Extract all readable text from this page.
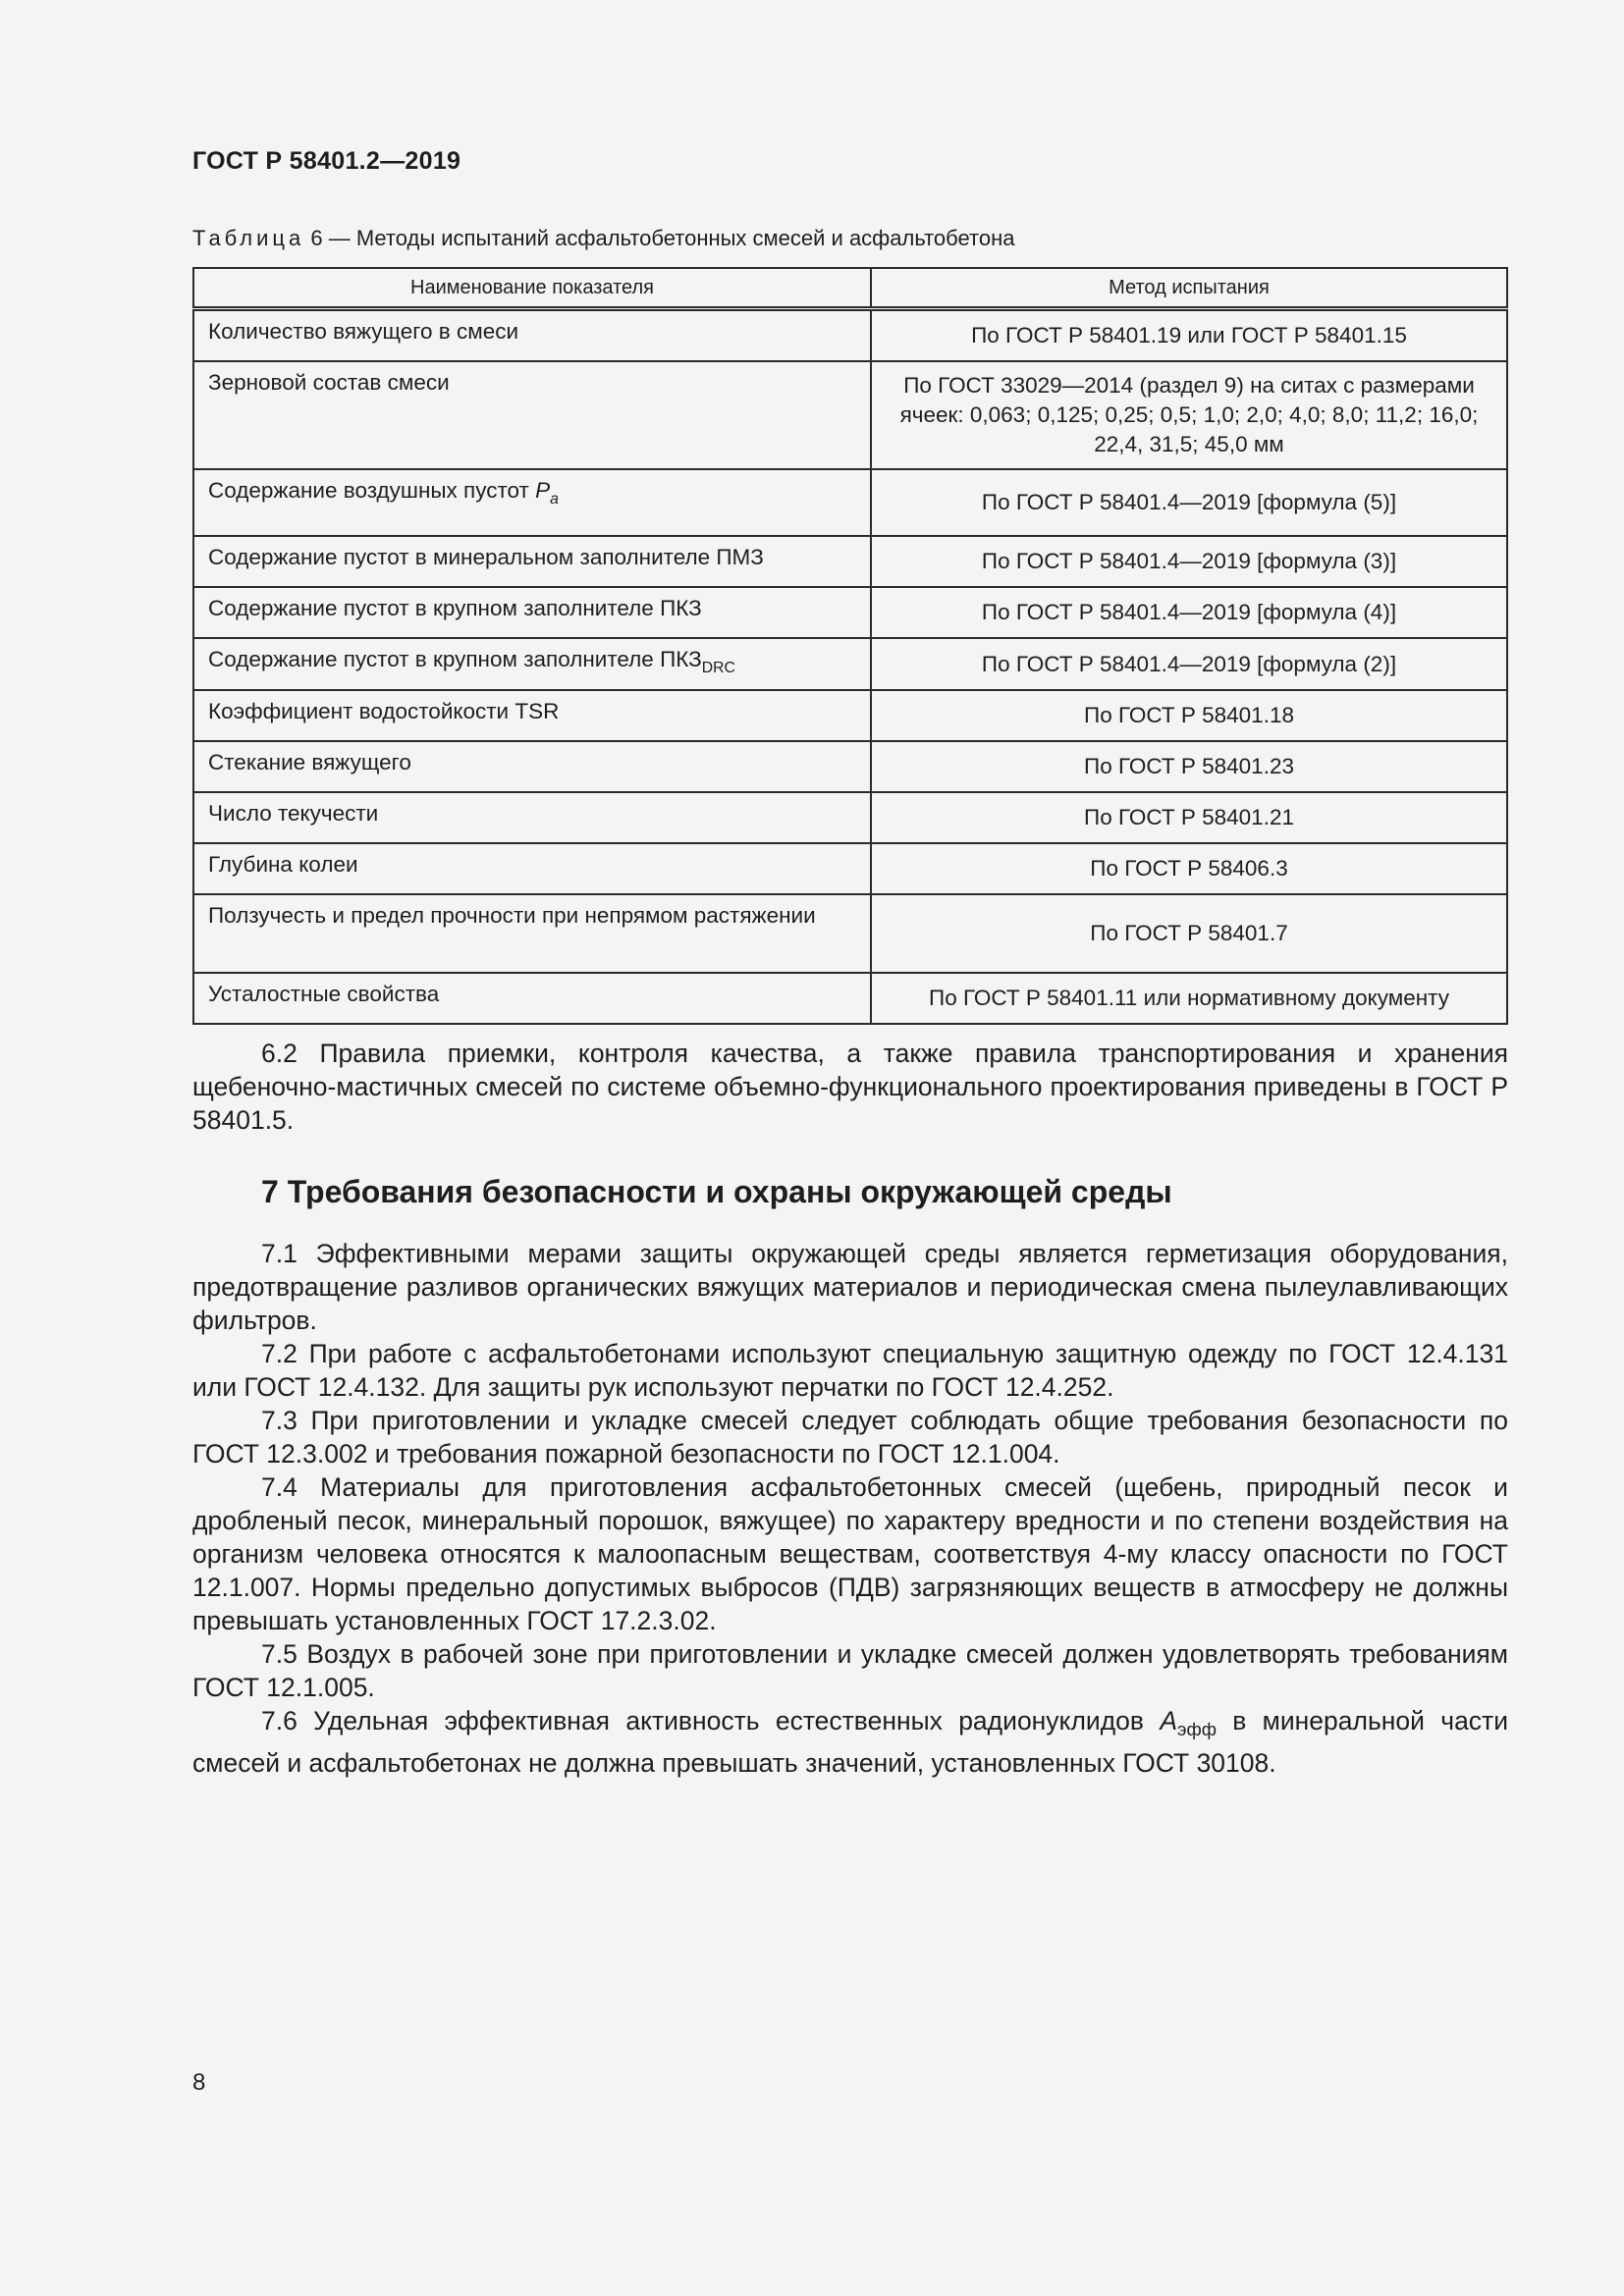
ГОСТ Р 58401.2—2019
Таблица 6 — Методы испытаний асфальтобетонных смесей и асфальтобетона
Наименование показателя	Метод испытания
Количество вяжущего в смеси	По ГОСТ Р 58401.19 или ГОСТ Р 58401.15
Зерновой состав смеси	По ГОСТ 33029—2014 (раздел 9) на ситах с размерами ячеек: 0,063; 0,125; 0,25; 0,5; 1,0; 2,0; 4,0; 8,0; 11,2; 16,0; 22,4, 31,5; 45,0 мм
Содержание воздушных пустот $P_a$	По ГОСТ Р 58401.4—2019 [формула (5)]
Содержание пустот в минеральном заполнителе ПМЗ	По ГОСТ Р 58401.4—2019 [формула (3)]
Содержание пустот в крупном заполнителе ПКЗ	По ГОСТ Р 58401.4—2019 [формула (4)]
Содержание пустот в крупном заполнителе $ПКЗ_{DRC}$	По ГОСТ Р 58401.4—2019 [формула (2)]
Коэффициент водостойкости TSR	По ГОСТ Р 58401.18
Стекание вяжущего	По ГОСТ Р 58401.23
Число текучести	По ГОСТ Р 58401.21
Глубина колеи	По ГОСТ Р 58406.3
Ползучесть и предел прочности при непрямом растяжении	По ГОСТ Р 58401.7
Усталостные свойства	По ГОСТ Р 58401.11 или нормативному документу

6.2 Правила приемки, контроля качества, а также правила транспортирования и хранения щебеночно-мастичных смесей по системе объемно-функционального проектирования приведены в ГОСТ Р 58401.5.

7 Требования безопасности и охраны окружающей среды

7.1 Эффективными мерами защиты окружающей среды является герметизация оборудования, предотвращение разливов органических вяжущих материалов и периодическая смена пылеулавливающих фильтров.

7.2 При работе с асфальтобетонами используют специальную защитную одежду по ГОСТ 12.4.131 или ГОСТ 12.4.132. Для защиты рук используют перчатки по ГОСТ 12.4.252.

7.3 При приготовлении и укладке смесей следует соблюдать общие требования безопасности по ГОСТ 12.3.002 и требования пожарной безопасности по ГОСТ 12.1.004.

7.4 Материалы для приготовления асфальтобетонных смесей (щебень, природный песок и дробленый песок, минеральный порошок, вяжущее) по характеру вредности и по степени воздействия на организм человека относятся к малоопасным веществам, соответствуя 4-му классу опасности по ГОСТ 12.1.007. Нормы предельно допустимых выбросов (ПДВ) загрязняющих веществ в атмосферу не должны превышать установленных ГОСТ 17.2.3.02.

7.5 Воздух в рабочей зоне при приготовлении и укладке смесей должен удовлетворять требованиям ГОСТ 12.1.005.

7.6 Удельная эффективная активность естественных радионуклидов $A_{эфф}$ в минеральной части смесей и асфальтобетонах не должна превышать значений, установленных ГОСТ 30108.

8
